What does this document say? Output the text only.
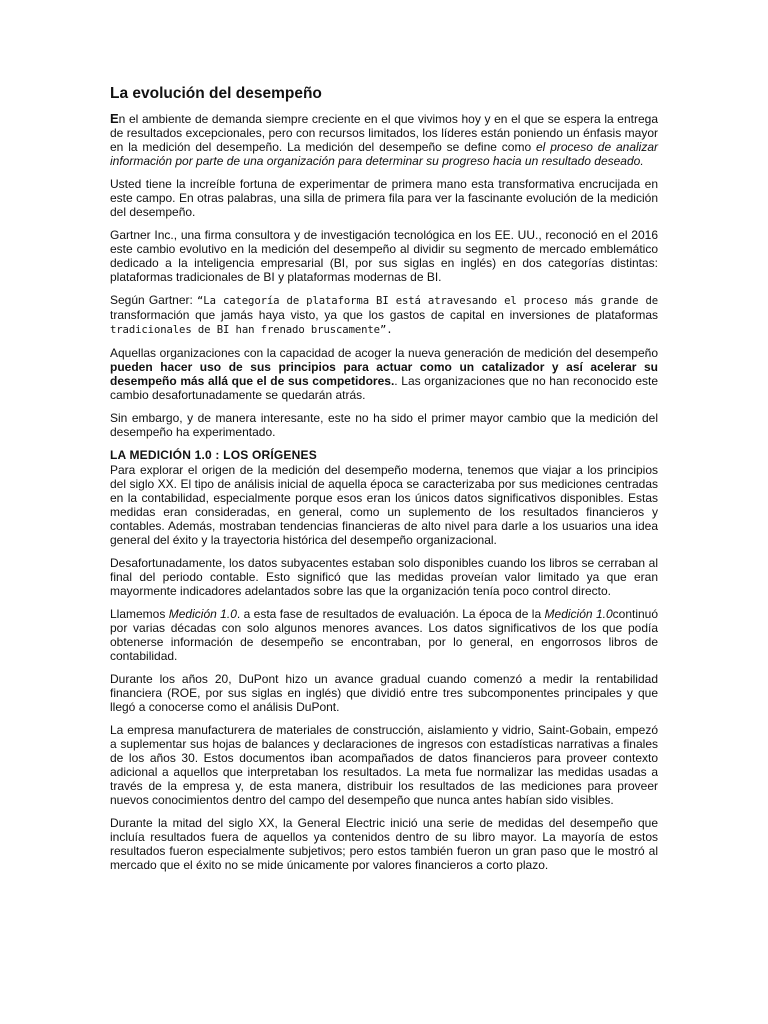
La evolución del desempeño

En el ambiente de demanda siempre creciente en el que vivimos hoy y en el que se espera la entrega de resultados excepcionales, pero con recursos limitados, los líderes están poniendo un énfasis mayor en la medición del desempeño. La medición del desempeño se define como el proceso de analizar información por parte de una organización para determinar su progreso hacia un resultado deseado.

Usted tiene la increíble fortuna de experimentar de primera mano esta transformativa encrucijada en este campo. En otras palabras, una silla de primera fila para ver la fascinante evolución de la medición del desempeño.

Gartner Inc., una firma consultora y de investigación tecnológica en los EE. UU., reconoció en el 2016 este cambio evolutivo en la medición del desempeño al dividir su segmento de mercado emblemático dedicado a la inteligencia empresarial (BI, por sus siglas en inglés) en dos categorías distintas: plataformas tradicionales de BI y plataformas modernas de BI.

Según Gartner: “La categoría de plataforma BI está atravesando el proceso más grande de transformación que jamás haya visto, ya que los gastos de capital en inversiones de plataformas tradicionales de BI han frenado bruscamente”.

Aquellas organizaciones con la capacidad de acoger la nueva generación de medición del desempeño pueden hacer uso de sus principios para actuar como un catalizador y así acelerar su desempeño más allá que el de sus competidores.. Las organizaciones que no han reconocido este cambio desafortunadamente se quedarán atrás.

Sin embargo, y de manera interesante, este no ha sido el primer mayor cambio que la medición del desempeño ha experimentado.

LA MEDICIÓN 1.0 : LOS ORÍGENES

Para explorar el origen de la medición del desempeño moderna, tenemos que viajar a los principios del siglo XX. El tipo de análisis inicial de aquella época se caracterizaba por sus mediciones centradas en la contabilidad, especialmente porque esos eran los únicos datos significativos disponibles. Estas medidas eran consideradas, en general, como un suplemento de los resultados financieros y contables. Además, mostraban tendencias financieras de alto nivel para darle a los usuarios una idea general del éxito y la trayectoria histórica del desempeño organizacional.

Desafortunadamente, los datos subyacentes estaban solo disponibles cuando los libros se cerraban al final del periodo contable. Esto significó que las medidas proveían valor limitado ya que eran mayormente indicadores adelantados sobre las que la organización tenía poco control directo.

Llamemos Medición 1.0. a esta fase de resultados de evaluación. La época de la Medición 1.0continuó por varias décadas con solo algunos menores avances. Los datos significativos de los que podía obtenerse información de desempeño se encontraban, por lo general, en engorrosos libros de contabilidad.

Durante los años 20, DuPont hizo un avance gradual cuando comenzó a medir la rentabilidad financiera (ROE, por sus siglas en inglés) que dividió entre tres subcomponentes principales y que llegó a conocerse como el análisis DuPont.

La empresa manufacturera de materiales de construcción, aislamiento y vidrio, Saint-Gobain, empezó a suplementar sus hojas de balances y declaraciones de ingresos con estadísticas narrativas a finales de los años 30. Estos documentos iban acompañados de datos financieros para proveer contexto adicional a aquellos que interpretaban los resultados. La meta fue normalizar las medidas usadas a través de la empresa y, de esta manera, distribuir los resultados de las mediciones para proveer nuevos conocimientos dentro del campo del desempeño que nunca antes habían sido visibles.

Durante la mitad del siglo XX, la General Electric inició una serie de medidas del desempeño que incluía resultados fuera de aquellos ya contenidos dentro de su libro mayor. La mayoría de estos resultados fueron especialmente subjetivos; pero estos también fueron un gran paso que le mostró al mercado que el éxito no se mide únicamente por valores financieros a corto plazo.
